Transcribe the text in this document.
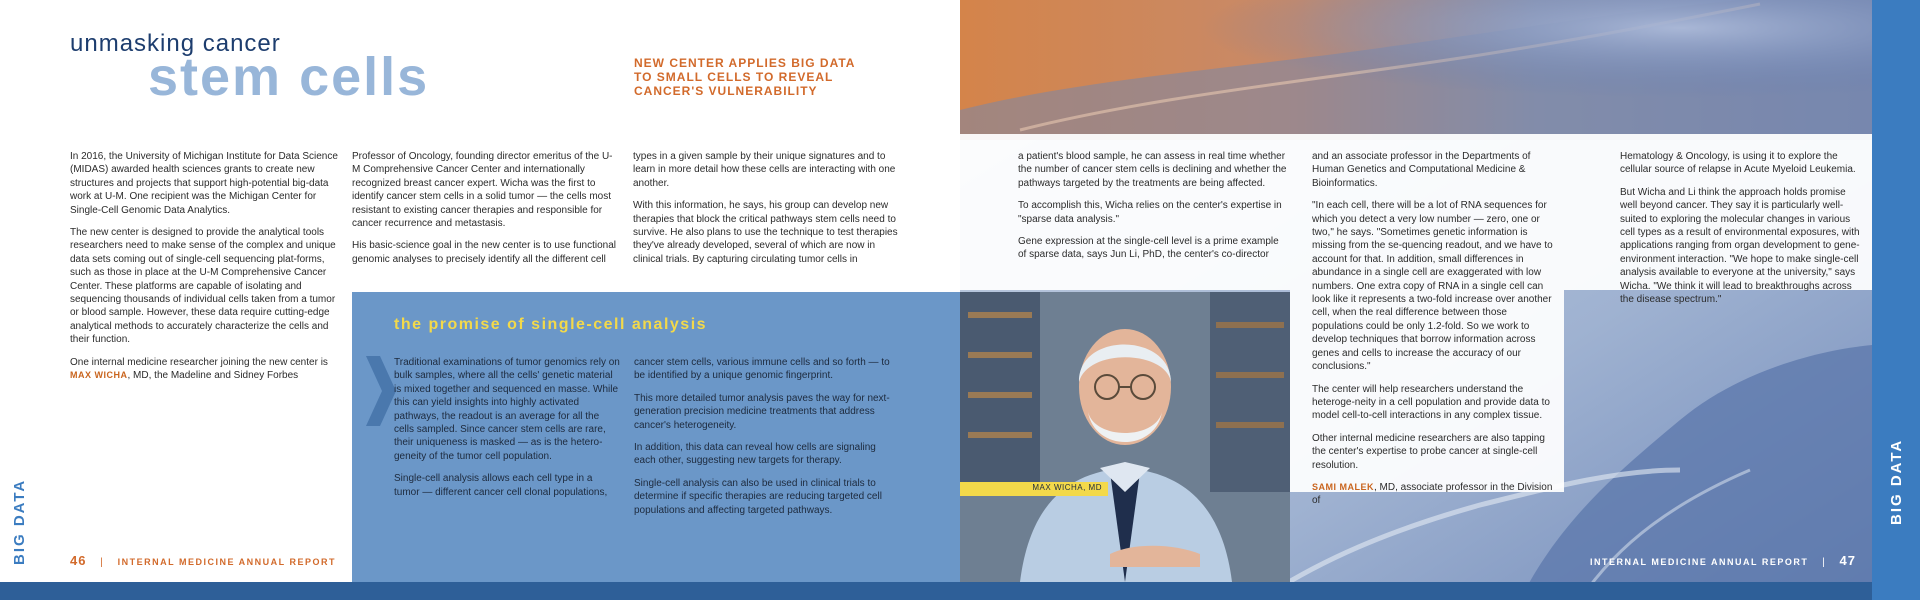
BIG DATA
unmasking cancer
stem cells	NEW CENTER APPLIES BIG DATA TO SMALL CELLS TO REVEAL CANCER'S VULNERABILITY

In 2016, the University of Michigan Institute for Data Science (MIDAS) awarded health sciences grants to create new structures and projects that support high-potential big-data work at U-M. One recipient was the Michigan Center for Single-Cell Genomic Data Analytics.

The new center is designed to provide the analytical tools researchers need to make sense of the complex and unique data sets coming out of single-cell sequencing plat-forms, such as those in place at the U-M Comprehensive Cancer Center. These platforms are capable of isolating and sequencing thousands of individual cells taken from a tumor or blood sample. However, these data require cutting-edge analytical methods to accurately characterize the cells and their function.

One internal medicine researcher joining the new center is MAX WICHA, MD, the Madeline and Sidney Forbes

Professor of Oncology, founding director emeritus of the U-M Comprehensive Cancer Center and internationally recognized breast cancer expert. Wicha was the first to identify cancer stem cells in a solid tumor — the cells most resistant to existing cancer therapies and responsible for cancer recurrence and metastasis.

His basic-science goal in the new center is to use functional genomic analyses to precisely identify all the different cell

types in a given sample by their unique signatures and to learn in more detail how these cells are interacting with one another.

With this information, he says, his group can develop new therapies that block the critical pathways stem cells need to survive. He also plans to use the technique to test therapies they've already developed, several of which are now in clinical trials. By capturing circulating tumor cells in

the promise of single-cell analysis

Traditional examinations of tumor genomics rely on bulk samples, where all the cells' genetic material is mixed together and sequenced en masse. While this can yield insights into highly activated pathways, the readout is an average for all the cells sampled. Since cancer stem cells are rare, their uniqueness is masked — as is the hetero-geneity of the tumor cell population.

Single-cell analysis allows each cell type in a tumor — different cancer cell clonal populations,

cancer stem cells, various immune cells and so forth — to be identified by a unique genomic fingerprint.

This more detailed tumor analysis paves the way for next-generation precision medicine treatments that address cancer's heterogeneity.

In addition, this data can reveal how cells are signaling each other, suggesting new targets for therapy.

Single-cell analysis can also be used in clinical trials to determine if specific therapies are reducing targeted cell populations and affecting targeted pathways.

46 | INTERNAL MEDICINE ANNUAL REPORT

a patient's blood sample, he can assess in real time whether the number of cancer stem cells is declining and whether the pathways targeted by the treatments are being affected.

To accomplish this, Wicha relies on the center's expertise in "sparse data analysis."

Gene expression at the single-cell level is a prime example of sparse data, says Jun Li, PhD, the center's co-director

and an associate professor in the Departments of Human Genetics and Computational Medicine & Bioinformatics.

"In each cell, there will be a lot of RNA sequences for which you detect a very low number — zero, one or two," he says. "Sometimes genetic information is missing from the se-quencing readout, and we have to account for that. In addition, small differences in abundance in a single cell are exaggerated with low numbers. One extra copy of RNA in a single cell can look like it represents a two-fold increase over another cell, when the real difference between those populations could be only 1.2-fold. So we work to develop techniques that borrow information across genes and cells to increase the accuracy of our conclusions."

The center will help researchers understand the heteroge-neity in a cell population and provide data to model cell-to-cell interactions in any complex tissue.

Other internal medicine researchers are also tapping the center's expertise to probe cancer at single-cell resolution.

SAMI MALEK, MD, associate professor in the Division of

Hematology & Oncology, is using it to explore the cellular source of relapse in Acute Myeloid Leukemia.

But Wicha and Li think the approach holds promise well beyond cancer. They say it is particularly well-suited to exploring the molecular changes in various cell types as a result of environmental exposures, with applications ranging from organ development to gene-environment interaction. "We hope to make single-cell analysis available to everyone at the university," says Wicha. "We think it will lead to breakthroughs across the disease spectrum."

MAX WICHA, MD	BIG DATA
INTERNAL MEDICINE ANNUAL REPORT | 47
